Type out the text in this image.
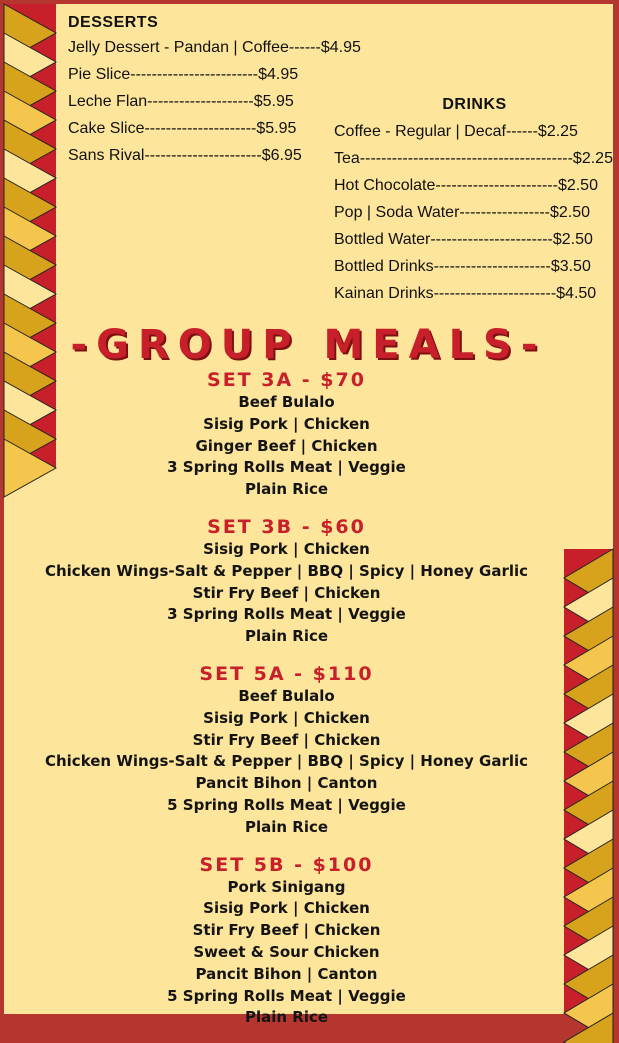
DESSERTS
Jelly Dessert - Pandan | Coffee------$4.95
Pie Slice------------------------$4.95
Leche Flan--------------------$5.95
Cake Slice---------------------$5.95
Sans Rival----------------------$6.95
DRINKS
Coffee - Regular | Decaf------$2.25
Tea----------------------------------------$2.25
Hot Chocolate-----------------------$2.50
Pop | Soda Water-----------------$2.50
Bottled Water-----------------------$2.50
Bottled Drinks----------------------$3.50
Kainan Drinks-----------------------$4.50
-GROUP MEALS-
SET 3A - $70
Beef Bulalo
Sisig Pork | Chicken
Ginger Beef | Chicken
3 Spring Rolls Meat | Veggie
Plain Rice
SET 3B - $60
Sisig Pork | Chicken
Chicken Wings-Salt & Pepper | BBQ | Spicy | Honey Garlic
Stir Fry Beef | Chicken
3 Spring Rolls Meat | Veggie
Plain Rice
SET 5A - $110
Beef Bulalo
Sisig Pork | Chicken
Stir Fry Beef | Chicken
Chicken Wings-Salt & Pepper | BBQ | Spicy | Honey Garlic
Pancit Bihon | Canton
5 Spring Rolls Meat | Veggie
Plain Rice
SET 5B - $100
Pork Sinigang
Sisig Pork | Chicken
Stir Fry Beef | Chicken
Sweet & Sour Chicken
Pancit Bihon | Canton
5 Spring Rolls Meat | Veggie
Plain Rice
